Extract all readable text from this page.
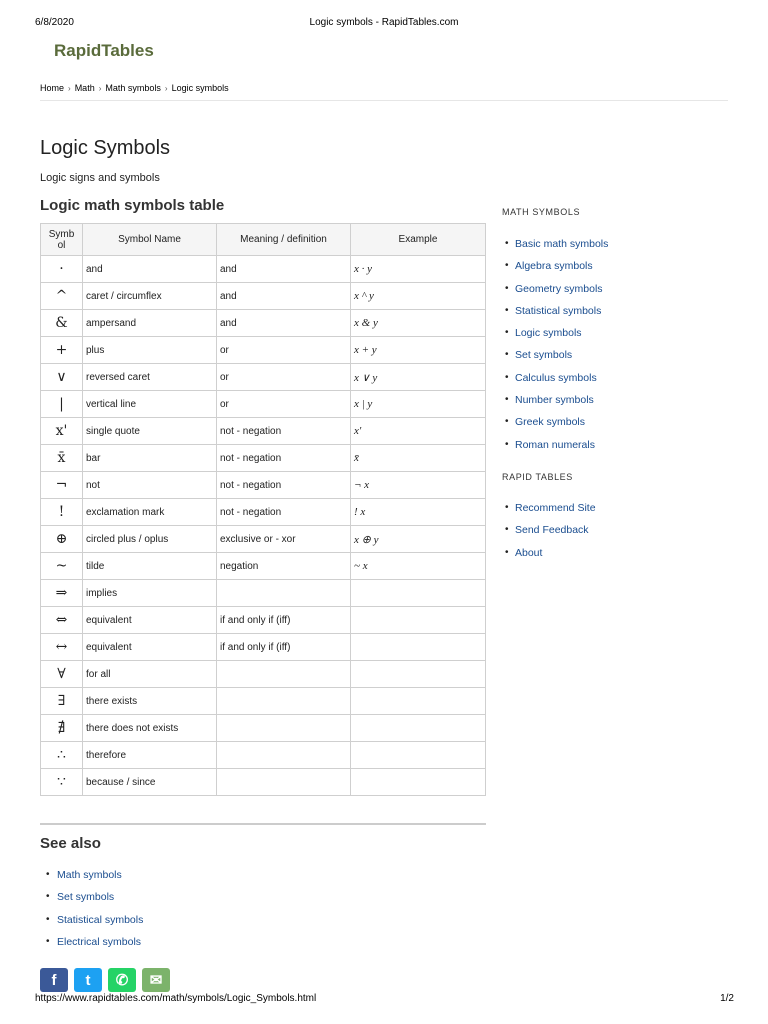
6/8/2020	Logic symbols - RapidTables.com
RapidTables
Home › Math › Math symbols › Logic symbols
Logic Symbols

Logic signs and symbols

Logic math symbols table
Symb ol	Symbol Name	Meaning / definition	Example
·	and	and	x · y
^	caret / circumflex	and	x ^ y
&	ampersand	and	x & y
+	plus	or	x + y
∨	reversed caret	or	x ∨ y
|	vertical line	or	x | y
x'	single quote	not - negation	x'
x̄	bar	not - negation	x̄
¬	not	not - negation	¬ x
!	exclamation mark	not - negation	! x
⊕	circled plus / oplus	exclusive or - xor	x ⊕ y
~	tilde	negation	~ x
⇒	implies		
⇔	equivalent	if and only if (iff)	
↔	equivalent	if and only if (iff)	
∀	for all		
∃	there exists		
∄	there does not exists		
∴	therefore		
∵	because / since		
See also
• Math symbols
• Set symbols
• Statistical symbols
• Electrical symbols
f	t	✆	✉
MATH SYMBOLS
• Basic math symbols
• Algebra symbols
• Geometry symbols
• Statistical symbols
• Logic symbols
• Set symbols
• Calculus symbols
• Number symbols
• Greek symbols
• Roman numerals
RAPID TABLES
• Recommend Site
• Send Feedback
• About
https://www.rapidtables.com/math/symbols/Logic_Symbols.html	1/2
